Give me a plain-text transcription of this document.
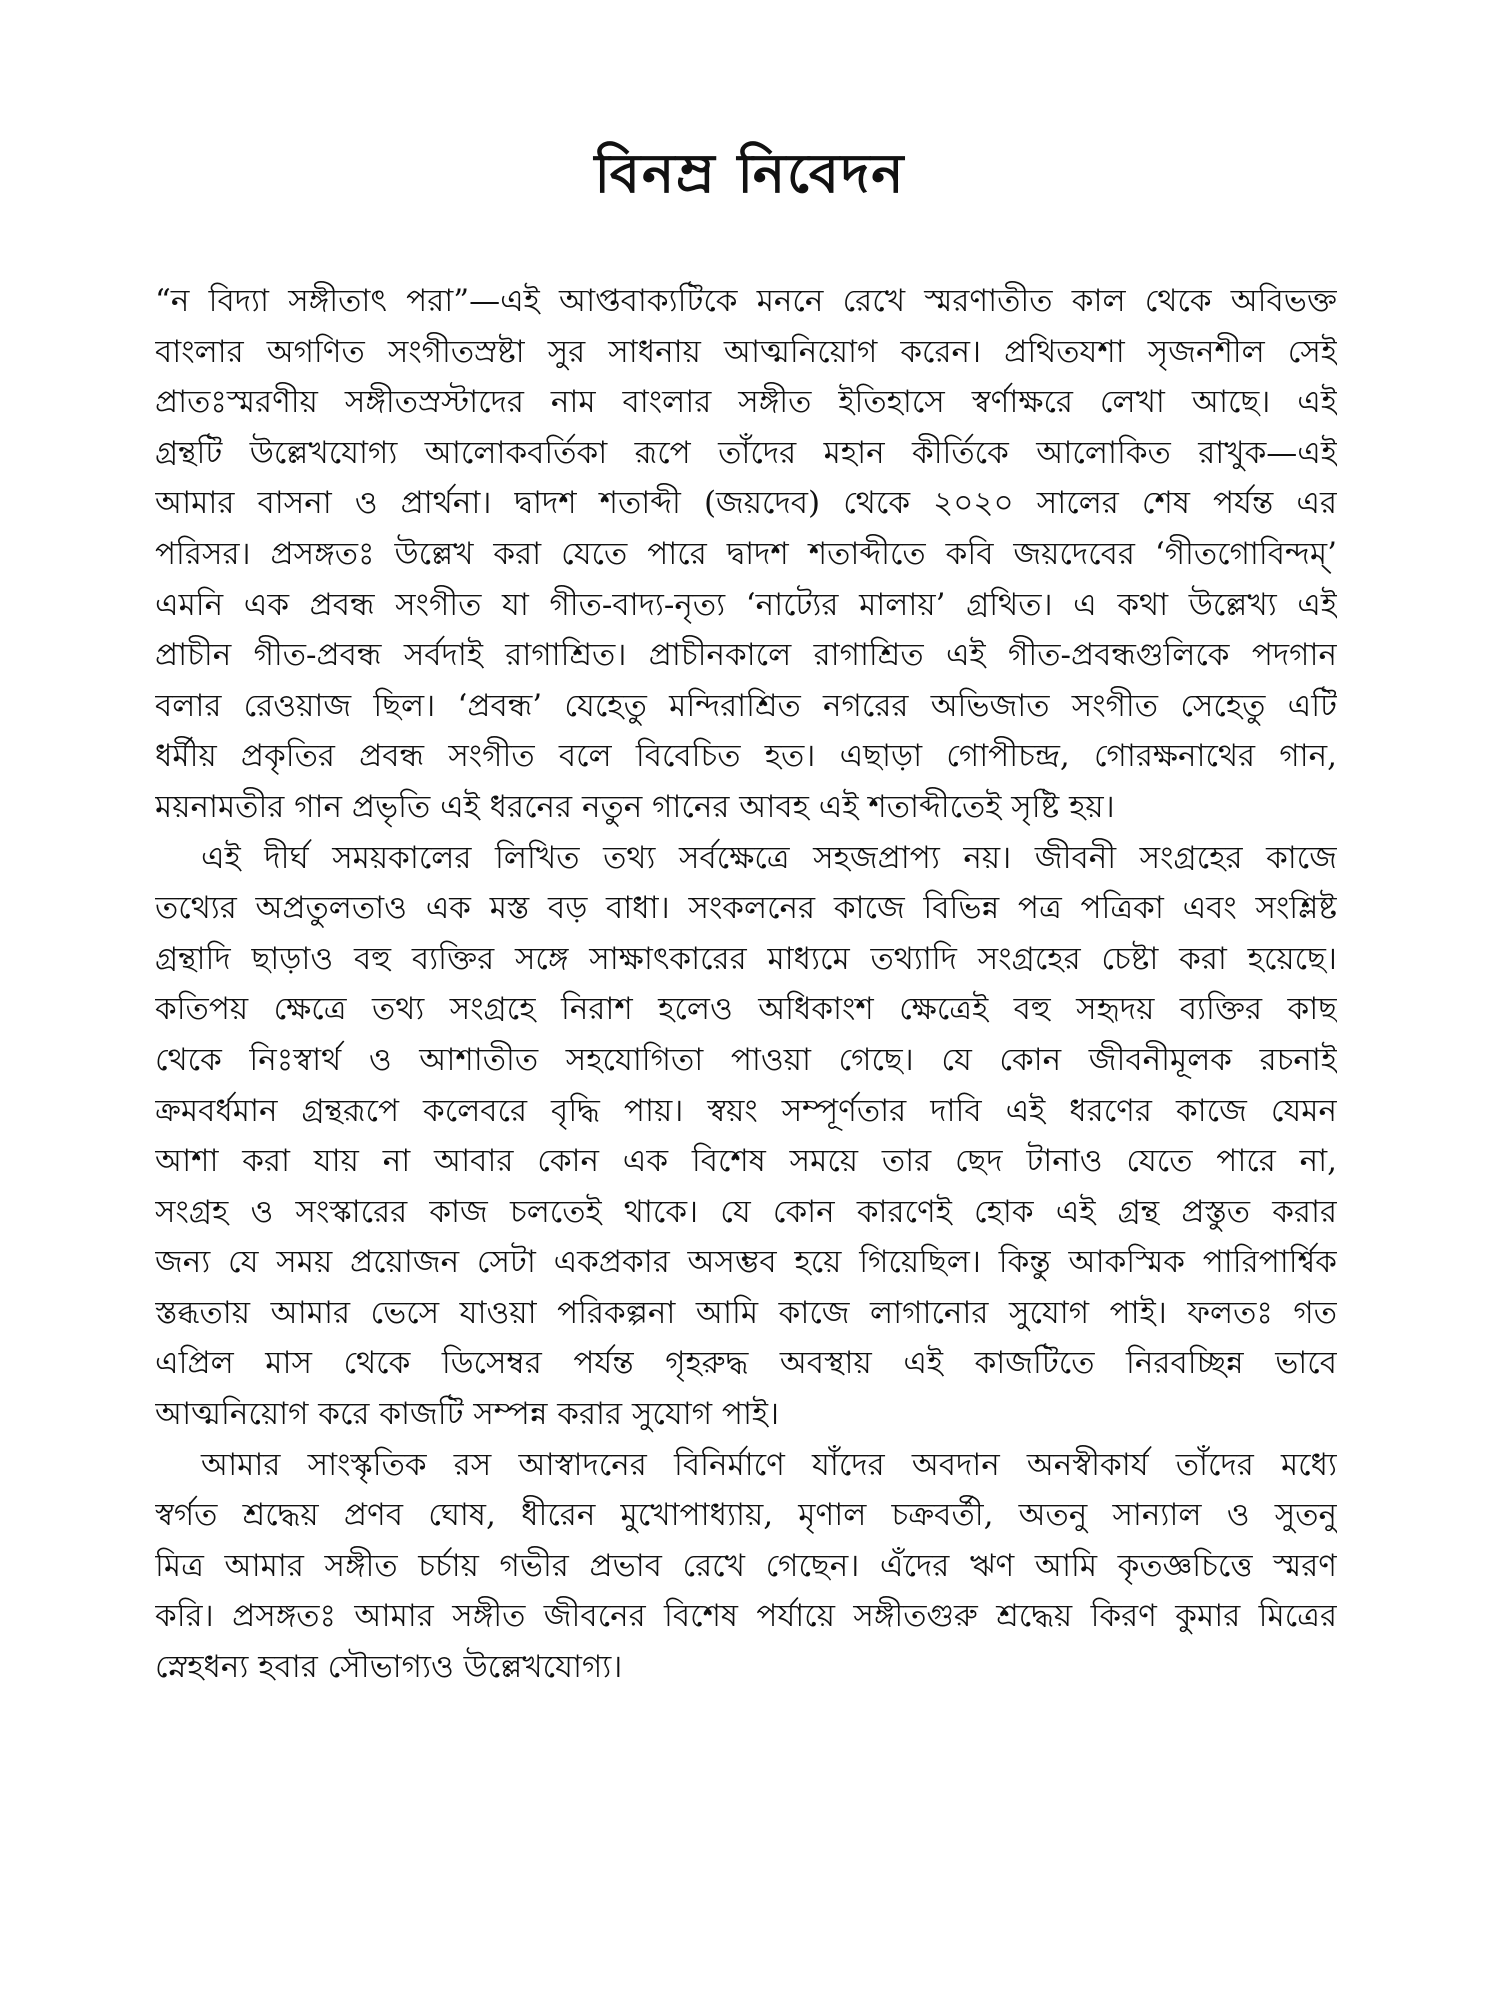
বিনম্র নিবেদন
“ন বিদ্যা সঙ্গীতাৎ পরা”—এই আপ্তবাক্যটিকে মননে রেখে স্মরণাতীত কাল থেকে অবিভক্ত
বাংলার অগণিত সংগীতস্রষ্টা সুর সাধনায় আত্মনিয়োগ করেন। প্রথিতযশা সৃজনশীল সেই
প্রাতঃস্মরণীয় সঙ্গীতস্রস্টাদের নাম বাংলার সঙ্গীত ইতিহাসে স্বর্ণাক্ষরে লেখা আছে। এই
গ্রন্থটি উল্লেখযোগ্য আলোকবর্তিকা রূপে তাঁদের মহান কীর্তিকে আলোকিত রাখুক—এই
আমার বাসনা ও প্রার্থনা। দ্বাদশ শতাব্দী (জয়দেব) থেকে ২০২০ সালের শেষ পর্যন্ত এর
পরিসর। প্রসঙ্গতঃ উল্লেখ করা যেতে পারে দ্বাদশ শতাব্দীতে কবি জয়দেবের ‘গীতগোবিন্দম্’
এমনি এক প্রবন্ধ সংগীত যা গীত-বাদ্য-নৃত্য ‘নাট্যের মালায়’ গ্রথিত। এ কথা উল্লেখ্য এই
প্রাচীন গীত-প্রবন্ধ সর্বদাই রাগাশ্রিত। প্রাচীনকালে রাগাশ্রিত এই গীত-প্রবন্ধগুলিকে পদগান
বলার রেওয়াজ ছিল। ‘প্রবন্ধ’ যেহেতু মন্দিরাশ্রিত নগরের অভিজাত সংগীত সেহেতু এটি
ধর্মীয় প্রকৃতির প্রবন্ধ সংগীত বলে বিবেচিত হত। এছাড়া গোপীচন্দ্র, গোরক্ষনাথের গান,
ময়নামতীর গান প্রভৃতি এই ধরনের নতুন গানের আবহ এই শতাব্দীতেই সৃষ্টি হয়।
এই দীর্ঘ সময়কালের লিখিত তথ্য সর্বক্ষেত্রে সহজপ্রাপ্য নয়। জীবনী সংগ্রহের কাজে
তথ্যের অপ্রতুলতাও এক মস্ত বড় বাধা। সংকলনের কাজে বিভিন্ন পত্র পত্রিকা এবং সংশ্লিষ্ট
গ্রন্থাদি ছাড়াও বহু ব্যক্তির সঙ্গে সাক্ষাৎকারের মাধ্যমে তথ্যাদি সংগ্রহের চেষ্টা করা হয়েছে।
কতিপয় ক্ষেত্রে তথ্য সংগ্রহে নিরাশ হলেও অধিকাংশ ক্ষেত্রেই বহু সহৃদয় ব্যক্তির কাছ
থেকে নিঃস্বার্থ ও আশাতীত সহযোগিতা পাওয়া গেছে। যে কোন জীবনীমূলক রচনাই
ক্রমবর্ধমান গ্রন্থরূপে কলেবরে বৃদ্ধি পায়। স্বয়ং সম্পূর্ণতার দাবি এই ধরণের কাজে যেমন
আশা করা যায় না আবার কোন এক বিশেষ সময়ে তার ছেদ টানাও যেতে পারে না,
সংগ্রহ ও সংস্কারের কাজ চলতেই থাকে। যে কোন কারণেই হোক এই গ্রন্থ প্রস্তুত করার
জন্য যে সময় প্রয়োজন সেটা একপ্রকার অসম্ভব হয়ে গিয়েছিল। কিন্তু আকস্মিক পারিপার্শ্বিক
স্তব্ধতায় আমার ভেসে যাওয়া পরিকল্পনা আমি কাজে লাগানোর সুযোগ পাই। ফলতঃ গত
এপ্রিল মাস থেকে ডিসেম্বর পর্যন্ত গৃহরুদ্ধ অবস্থায় এই কাজটিতে নিরবচ্ছিন্ন ভাবে
আত্মনিয়োগ করে কাজটি সম্পন্ন করার সুযোগ পাই।
আমার সাংস্কৃতিক রস আস্বাদনের বিনির্মাণে যাঁদের অবদান অনস্বীকার্য তাঁদের মধ্যে
স্বর্গত শ্রদ্ধেয় প্রণব ঘোষ, ধীরেন মুখোপাধ্যায়, মৃণাল চক্রবর্তী, অতনু সান্যাল ও সুতনু
মিত্র আমার সঙ্গীত চর্চায় গভীর প্রভাব রেখে গেছেন। এঁদের ঋণ আমি কৃতজ্ঞচিত্তে স্মরণ
করি। প্রসঙ্গতঃ আমার সঙ্গীত জীবনের বিশেষ পর্যায়ে সঙ্গীতগুরু শ্রদ্ধেয় কিরণ কুমার মিত্রের
স্নেহধন্য হবার সৌভাগ্যও উল্লেখযোগ্য।
